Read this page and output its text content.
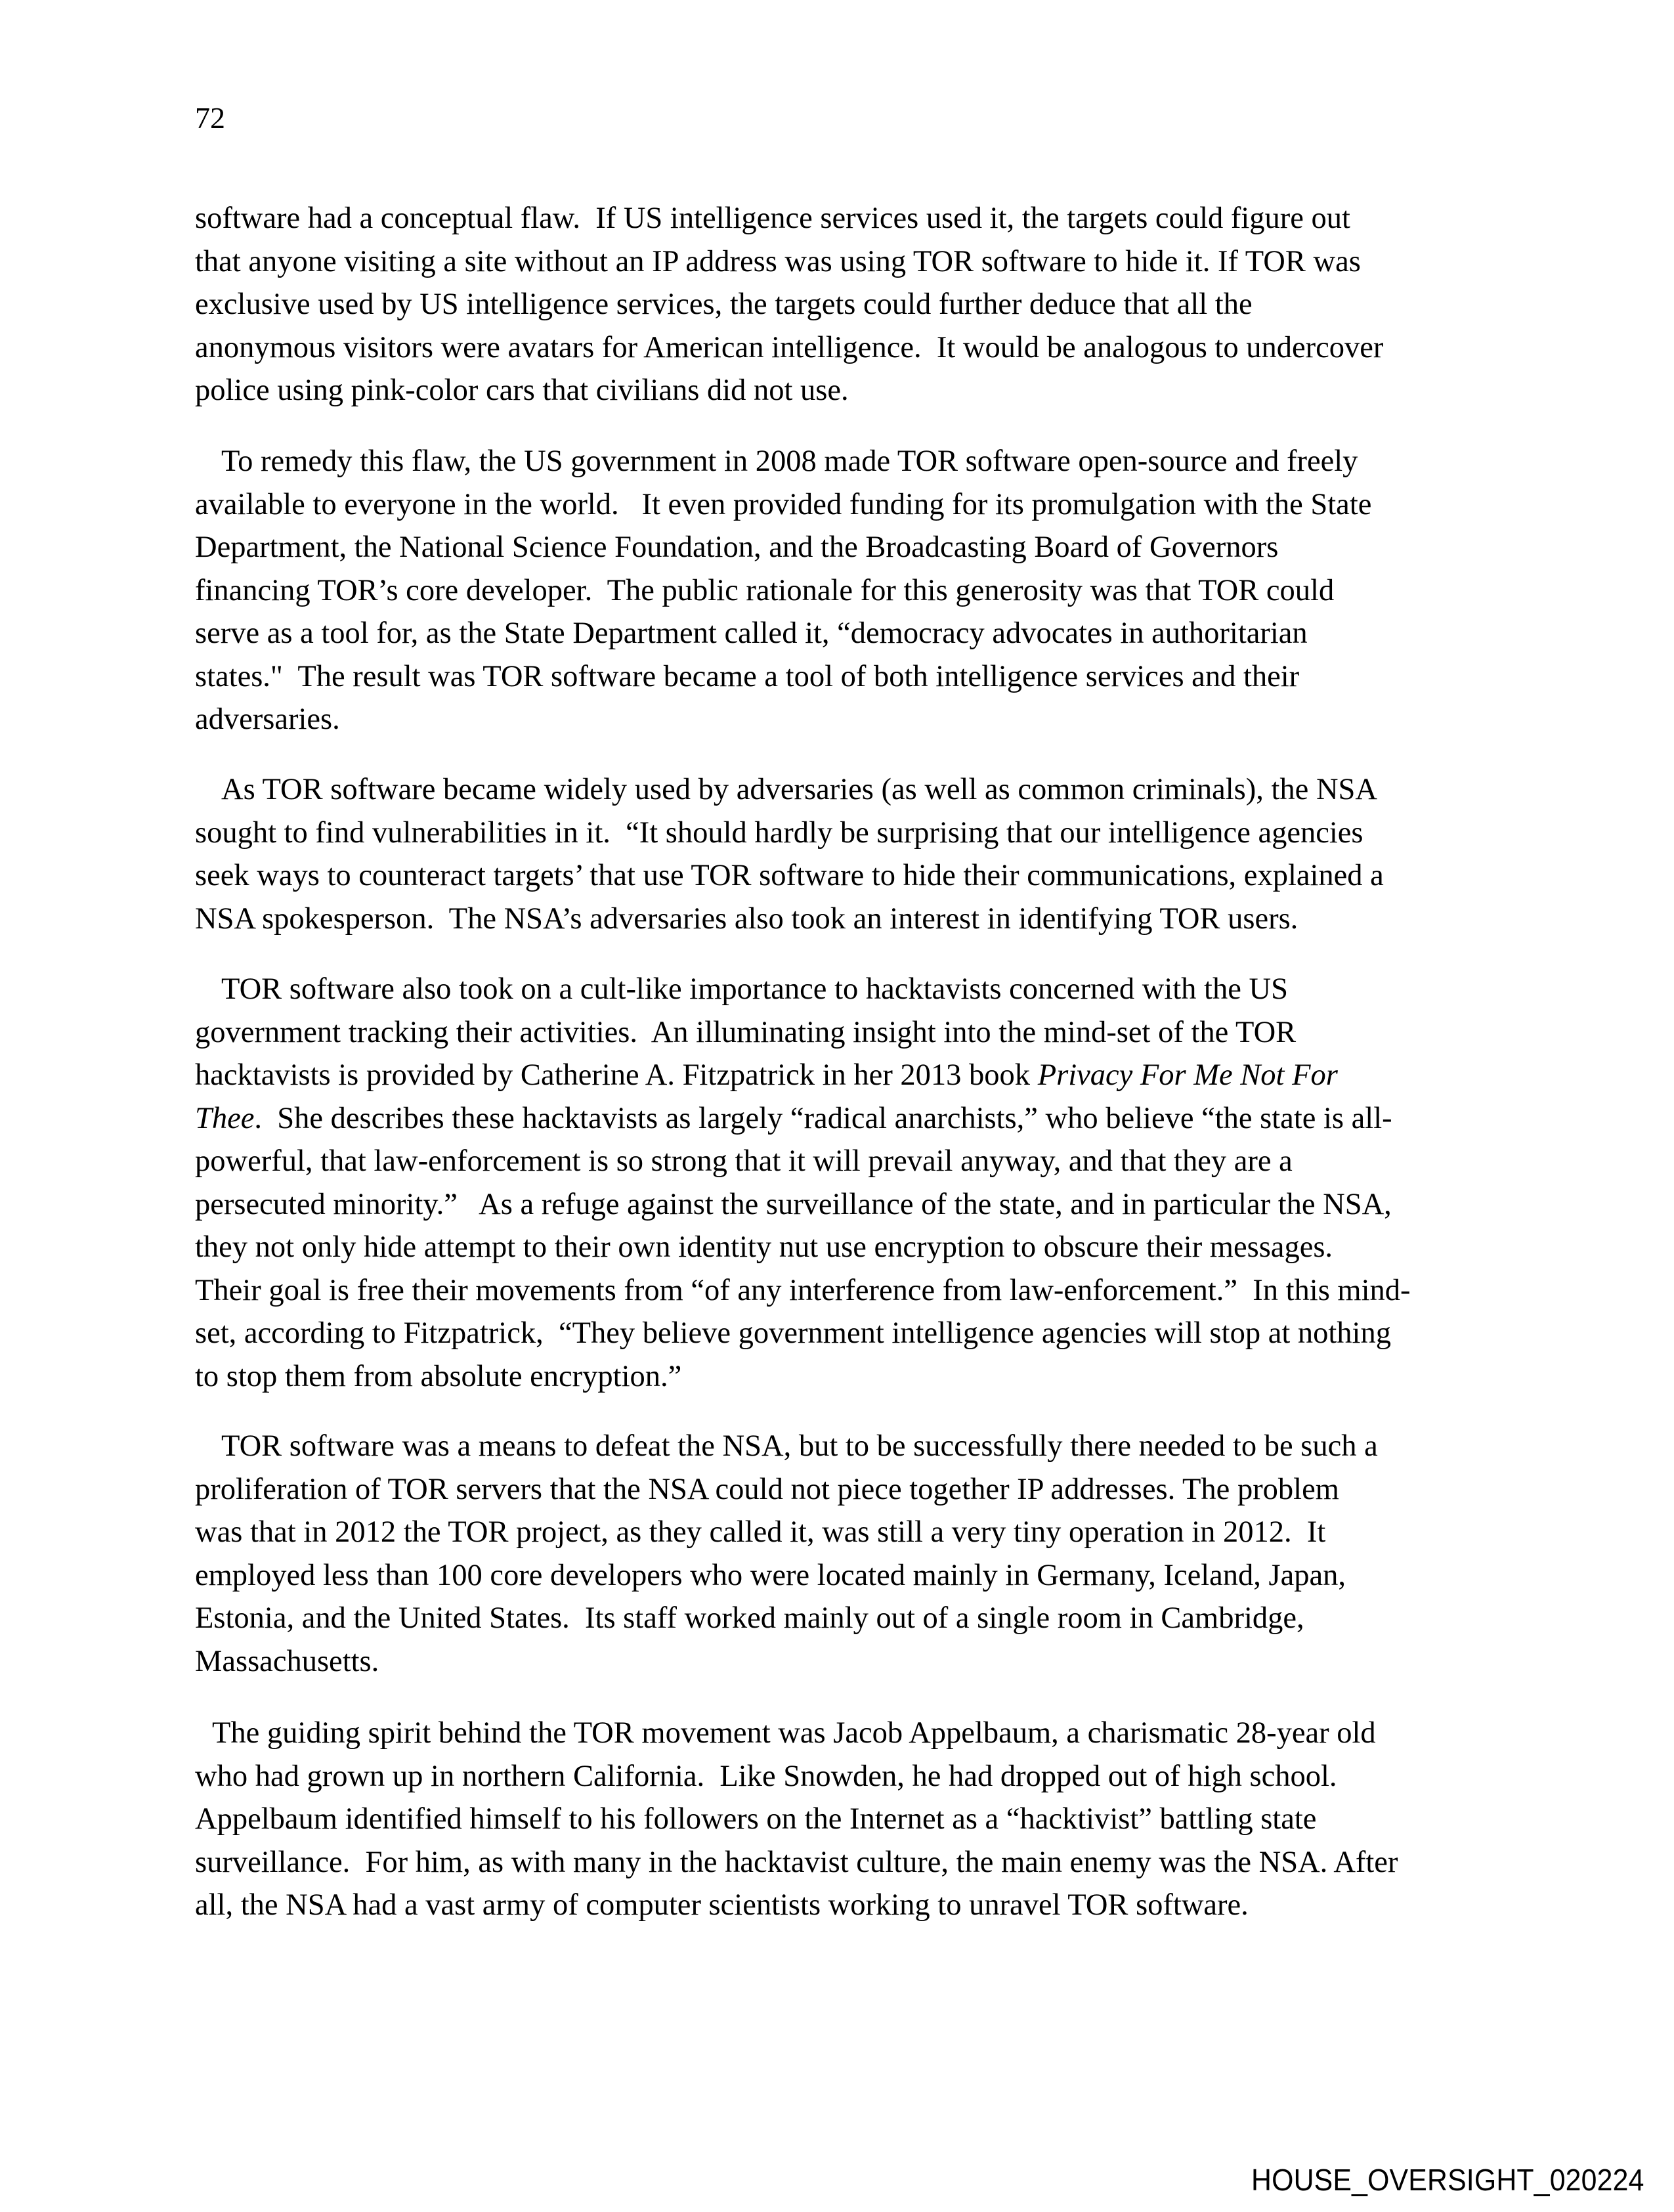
72

software had a conceptual flaw.  If US intelligence services used it, the targets could figure out
that anyone visiting a site without an IP address was using TOR software to hide it. If TOR was
exclusive used by US intelligence services, the targets could further deduce that all the
anonymous visitors were avatars for American intelligence.  It would be analogous to undercover
police using pink-color cars that civilians did not use.

To remedy this flaw, the US government in 2008 made TOR software open-source and freely
available to everyone in the world.   It even provided funding for its promulgation with the State
Department, the National Science Foundation, and the Broadcasting Board of Governors
financing TOR’s core developer.  The public rationale for this generosity was that TOR could
serve as a tool for, as the State Department called it, “democracy advocates in authoritarian
states."  The result was TOR software became a tool of both intelligence services and their
adversaries.

As TOR software became widely used by adversaries (as well as common criminals), the NSA
sought to find vulnerabilities in it.  “It should hardly be surprising that our intelligence agencies
seek ways to counteract targets’ that use TOR software to hide their communications, explained a
NSA spokesperson.  The NSA’s adversaries also took an interest in identifying TOR users.

TOR software also took on a cult-like importance to hacktavists concerned with the US
government tracking their activities.  An illuminating insight into the mind-set of the TOR
hacktavists is provided by Catherine A. Fitzpatrick in her 2013 book Privacy For Me Not For
Thee.  She describes these hacktavists as largely “radical anarchists,” who believe “the state is all-
powerful, that law-enforcement is so strong that it will prevail anyway, and that they are a
persecuted minority.”   As a refuge against the surveillance of the state, and in particular the NSA,
they not only hide attempt to their own identity nut use encryption to obscure their messages.
Their goal is free their movements from “of any interference from law-enforcement.”  In this mind-
set, according to Fitzpatrick,  “They believe government intelligence agencies will stop at nothing
to stop them from absolute encryption.”

TOR software was a means to defeat the NSA, but to be successfully there needed to be such a
proliferation of TOR servers that the NSA could not piece together IP addresses. The problem
was that in 2012 the TOR project, as they called it, was still a very tiny operation in 2012.  It
employed less than 100 core developers who were located mainly in Germany, Iceland, Japan,
Estonia, and the United States.  Its staff worked mainly out of a single room in Cambridge,
Massachusetts.

The guiding spirit behind the TOR movement was Jacob Appelbaum, a charismatic 28-year old
who had grown up in northern California.  Like Snowden, he had dropped out of high school.
Appelbaum identified himself to his followers on the Internet as a “hacktivist” battling state
surveillance.  For him, as with many in the hacktavist culture, the main enemy was the NSA. After
all, the NSA had a vast army of computer scientists working to unravel TOR software.

HOUSE_OVERSIGHT_020224
